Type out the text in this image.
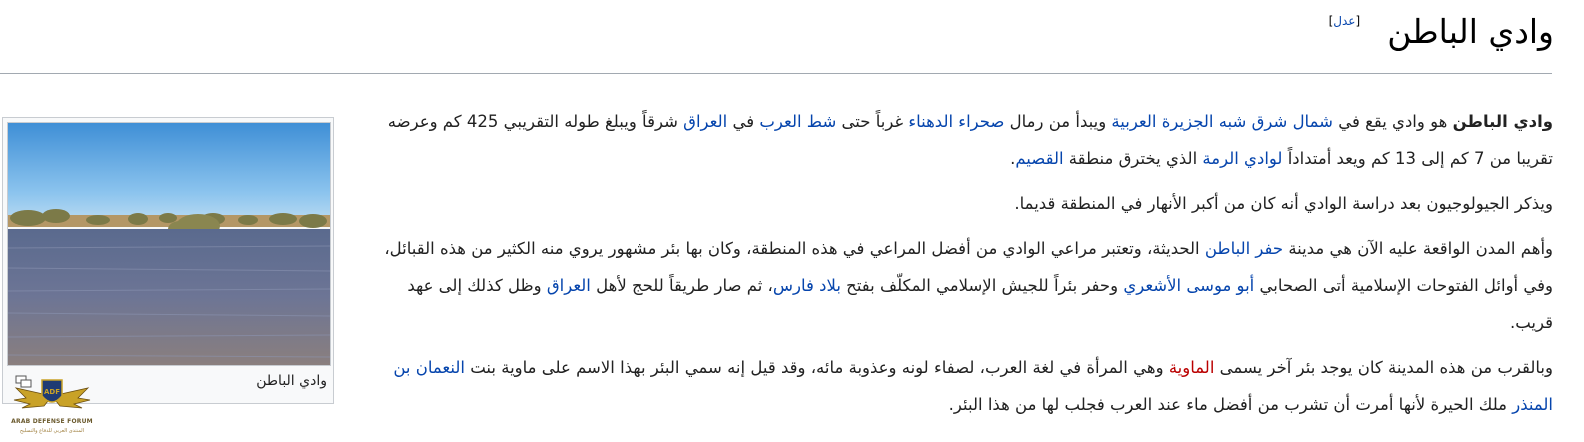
وادي الباطن [عدل]

وادي الباطن هو وادي يقع في شمال شرق شبه الجزيرة العربية ويبدأ من رمال صحراء الدهناء غرباً حتى شط العرب في العراق شرقاً ويبلغ طوله التقريبي 425 كم وعرضه تقريبا من 7 كم إلى 13 كم ويعد أمتداداً لوادي الرمة الذي يخترق منطقة القصيم.

ويذكر الجيولوجيون بعد دراسة الوادي أنه كان من أكبر الأنهار في المنطقة قديما.

وأهم المدن الواقعة عليه الآن هي مدينة حفر الباطن الحديثة، وتعتبر مراعي الوادي من أفضل المراعي في هذه المنطقة، وكان بها بئر مشهور يروي منه الكثير من هذه القبائل، وفي أوائل الفتوحات الإسلامية أتى الصحابي أبو موسى الأشعري وحفر بئراً للجيش الإسلامي المكلّف بفتح بلاد فارس، ثم صار طريقاً للحج لأهل العراق وظل كذلك إلى عهد قريب.

وبالقرب من هذه المدينة كان يوجد بئر آخر يسمى الماوية وهي المرأة في لغة العرب، لصفاء لونه وعذوبة مائه، وقد قيل إنه سمي البئر بهذا الاسم على ماوية بنت النعمان بن المنذر ملك الحيرة لأنها أمرت أن تشرب من أفضل ماء عند العرب فجلب لها من هذا البئر.

وادي الباطن
ADF
ARAB DEFENSE FORUM
المنتدى العربي للدفاع والتسليح
